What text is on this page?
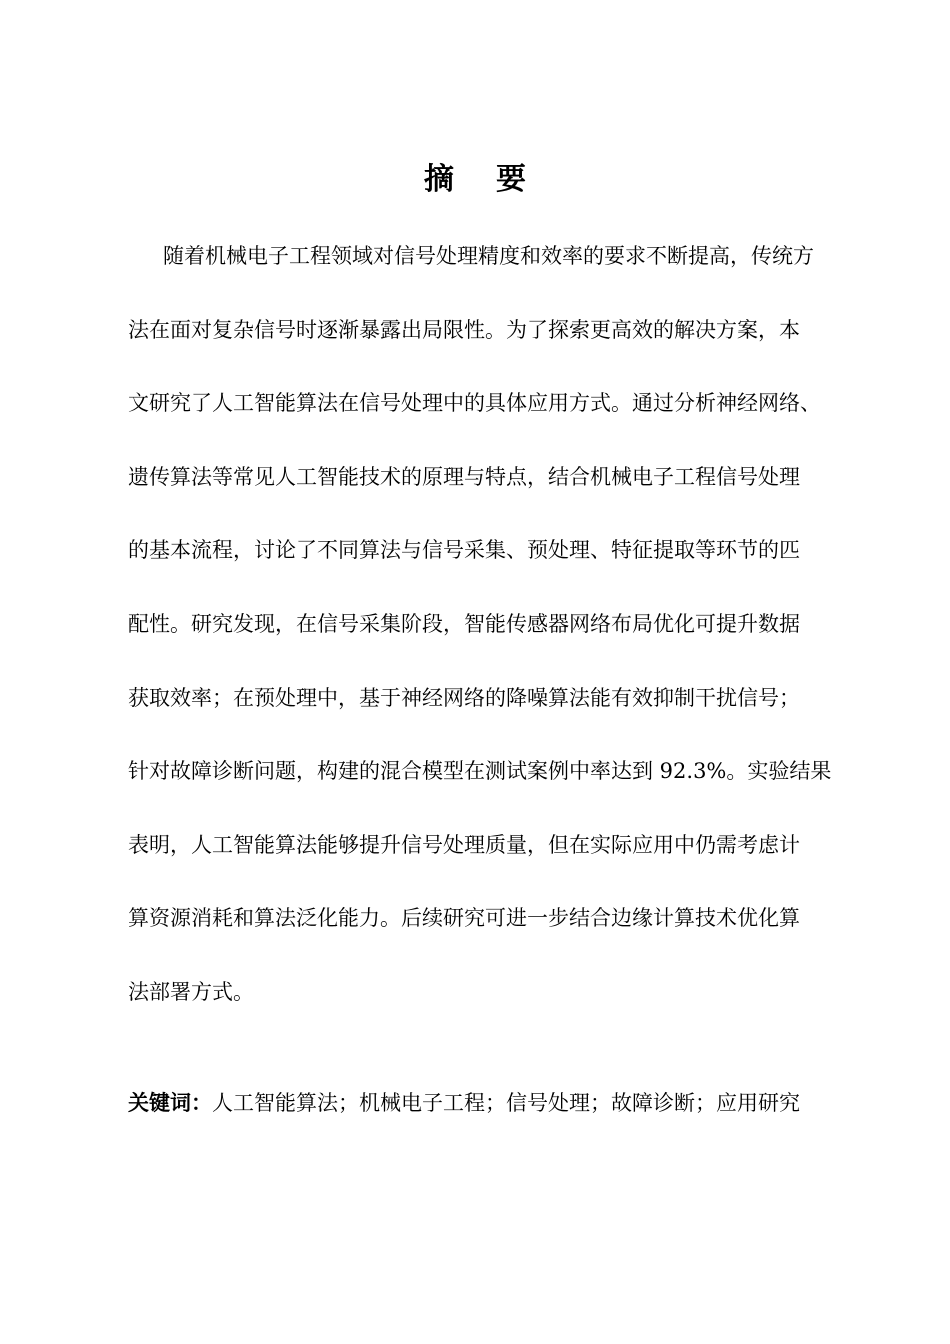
摘 要
随着机械电子工程领域对信号处理精度和效率的要求不断提高，传统方
法在面对复杂信号时逐渐暴露出局限性。为了探索更高效的解决方案，本
文研究了人工智能算法在信号处理中的具体应用方式。通过分析神经网络、
遗传算法等常见人工智能技术的原理与特点，结合机械电子工程信号处理
的基本流程，讨论了不同算法与信号采集、预处理、特征提取等环节的匹
配性。研究发现，在信号采集阶段，智能传感器网络布局优化可提升数据
获取效率；在预处理中，基于神经网络的降噪算法能有效抑制干扰信号；
针对故障诊断问题，构建的混合模型在测试案例中率达到 92.3%。实验结果
表明，人工智能算法能够提升信号处理质量，但在实际应用中仍需考虑计
算资源消耗和算法泛化能力。后续研究可进一步结合边缘计算技术优化算
法部署方式。
关键词：人工智能算法；机械电子工程；信号处理；故障诊断；应用研究
